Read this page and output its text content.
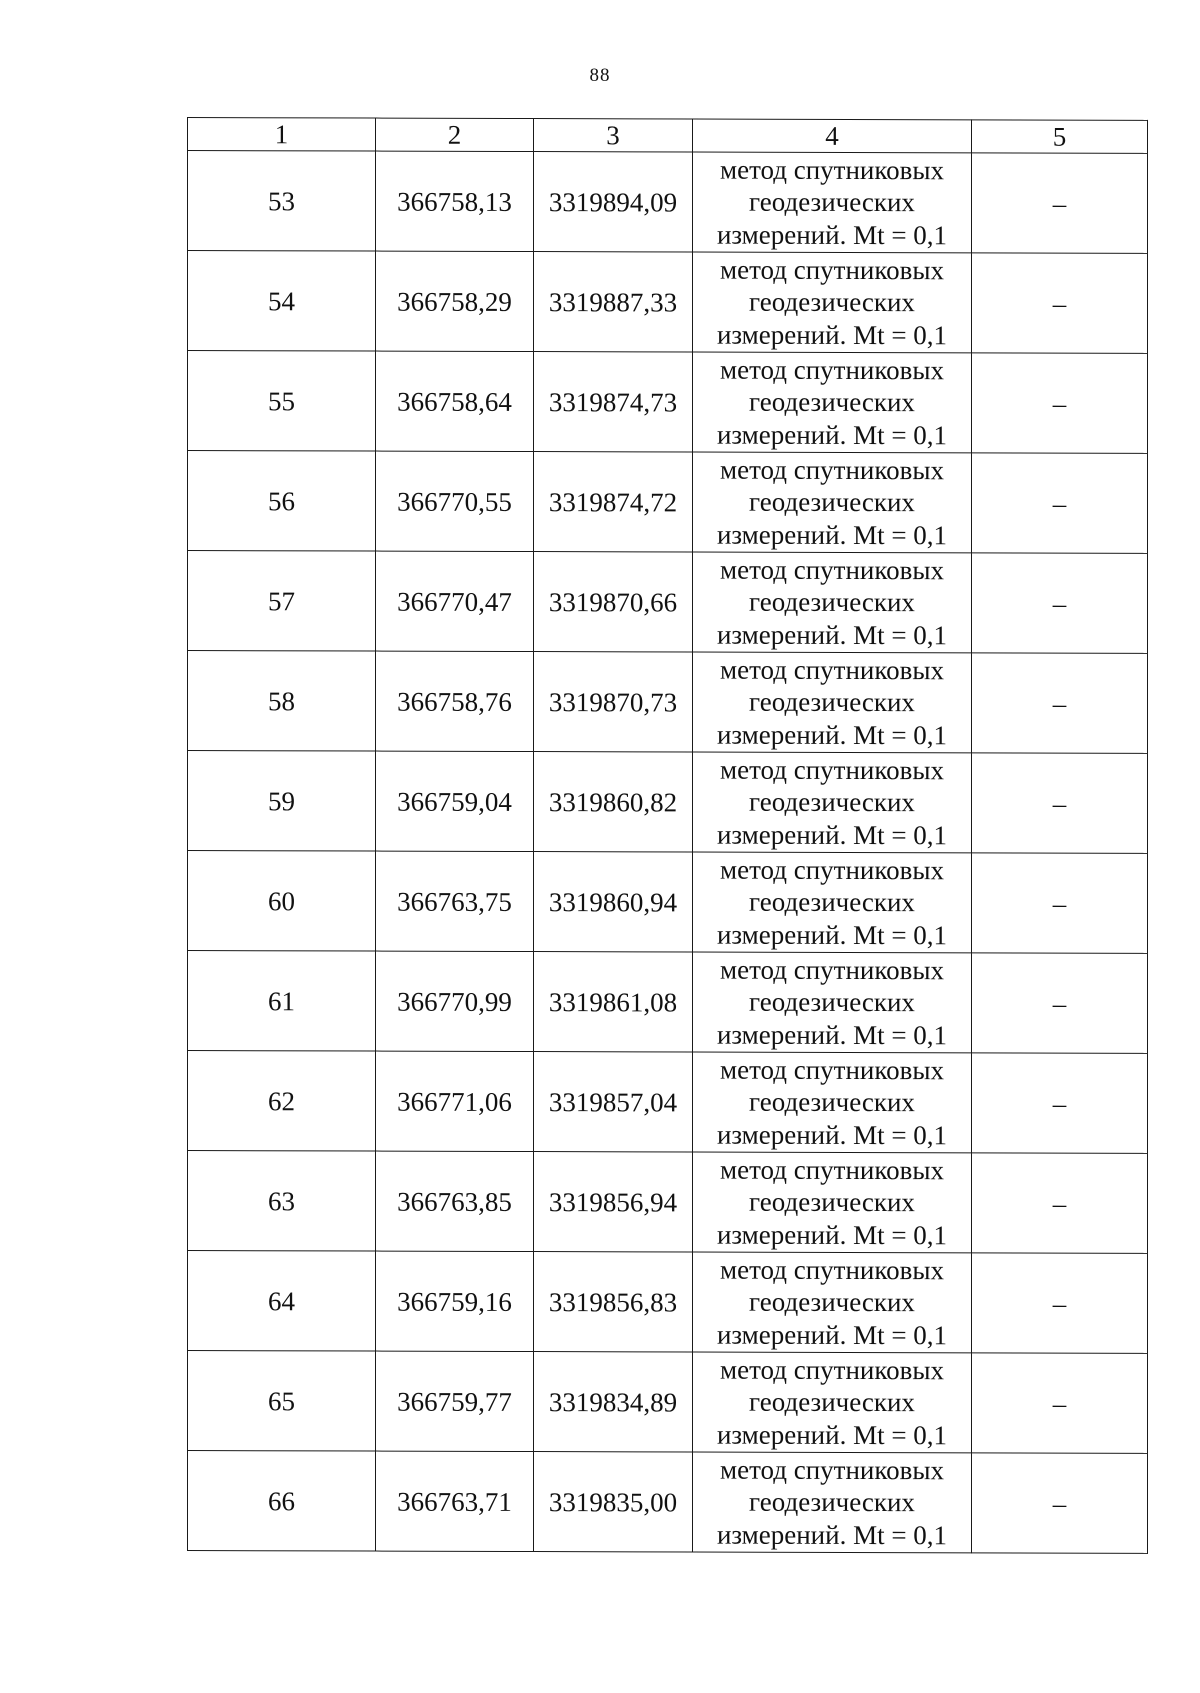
88
1	2	3	4	5
53	366758,13	3319894,09	метод спутниковых
геодезических
измерений. Mt = 0,1	–
54	366758,29	3319887,33	метод спутниковых
геодезических
измерений. Mt = 0,1	–
55	366758,64	3319874,73	метод спутниковых
геодезических
измерений. Mt = 0,1	–
56	366770,55	3319874,72	метод спутниковых
геодезических
измерений. Mt = 0,1	–
57	366770,47	3319870,66	метод спутниковых
геодезических
измерений. Mt = 0,1	–
58	366758,76	3319870,73	метод спутниковых
геодезических
измерений. Mt = 0,1	–
59	366759,04	3319860,82	метод спутниковых
геодезических
измерений. Mt = 0,1	–
60	366763,75	3319860,94	метод спутниковых
геодезических
измерений. Mt = 0,1	–
61	366770,99	3319861,08	метод спутниковых
геодезических
измерений. Mt = 0,1	–
62	366771,06	3319857,04	метод спутниковых
геодезических
измерений. Mt = 0,1	–
63	366763,85	3319856,94	метод спутниковых
геодезических
измерений. Mt = 0,1	–
64	366759,16	3319856,83	метод спутниковых
геодезических
измерений. Mt = 0,1	–
65	366759,77	3319834,89	метод спутниковых
геодезических
измерений. Mt = 0,1	–
66	366763,71	3319835,00	метод спутниковых
геодезических
измерений. Mt = 0,1	–
